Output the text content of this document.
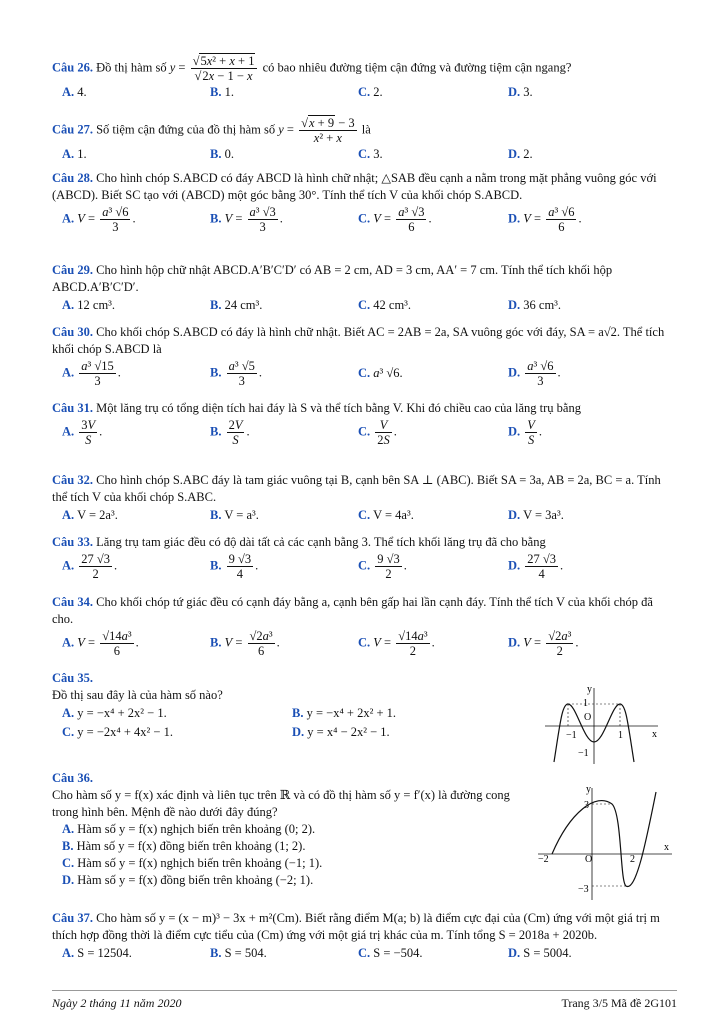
Câu 26. Đồ thị hàm số $y = \frac{\text{√5x² + x + 1}}{√2x - 1 - x}$ có bao nhiêu đường tiệm cận đứng và đường tiệm cận ngang?
A. 4.	B. 1.	C. 2.	D. 3.
Câu 27. Số tiệm cận đứng của đồ thị hàm số $y = \frac{√x + 9 - 3}{\text{x² + x}}$ là
A. 1.	B. 0.	C. 3.	D. 2.
Câu 28. Cho hình chóp S.ABCD có đáy ABCD là hình chữ nhật; △SAB đều cạnh a nằm trong mặt phẳng vuông góc với (ABCD). Biết SC tạo với (ABCD) một góc bằng 30°. Tính thể tích V của khối chóp S.ABCD.
A. $V = \frac{\text{a³ √6}}{3}$ .	B. $V = \frac{\text{a³ √3}}{3}$ .	C. $V = \frac{\text{a³ √3}}{6}$ .	D. $V = \frac{\text{a³ √6}}{6}$ .
Câu 29. Cho hình hộp chữ nhật ABCD.A′B′C′D′ có AB = 2 cm, AD = 3 cm, AA′ = 7 cm. Tính thể tích khối hộp ABCD.A′B′C′D′.
A. 12 cm³.	B. 24 cm³.	C. 42 cm³.	D. 36 cm³.
Câu 30. Cho khối chóp S.ABCD có đáy là hình chữ nhật. Biết AC = 2AB = 2a, SA vuông góc với đáy, SA = a√2. Thể tích khối chóp S.ABCD là
A. $\frac{\text{a³ √15}}{3}$ .	B. $\frac{\text{a³ √5}}{3}$ .	C. a³ √6.	D. $\frac{\text{a³ √6}}{3}$ .
Câu 31. Một lăng trụ có tổng diện tích hai đáy là S và thể tích bằng V. Khi đó chiều cao của lăng trụ bằng
A. $\frac{3V}{S}$ .	B. $\frac{2V}{S}$ .	C. $\frac{V}{2S}$ .	D. $\frac{V}{S}$ .
Câu 32. Cho hình chóp S.ABC đáy là tam giác vuông tại B, cạnh bên SA ⊥ (ABC). Biết SA = 3a, AB = 2a, BC = a. Tính thể tích V của khối chóp S.ABC.
A. V = 2a³.	B. V = a³.	C. V = 4a³.	D. V = 3a³.
Câu 33. Lăng trụ tam giác đều có độ dài tất cả các cạnh bằng 3. Thể tích khối lăng trụ đã cho bằng
A. $\frac{27 √3}{2}$ .	B. $\frac{9 √3}{4}$ .	C. $\frac{9 √3}{2}$ .	D. $\frac{27 √3}{4}$ .
Câu 34. Cho khối chóp tứ giác đều có cạnh đáy bằng a, cạnh bên gấp hai lần cạnh đáy. Tính thể tích V của khối chóp đã cho.
A. $V = \frac{\text{√14a³}}{6}$ .	B. $V = \frac{\text{√2a³}}{6}$ .	C. $V = \frac{\text{√14a³}}{2}$ .	D. $V = \frac{\text{√2a³}}{2}$ .
Câu 35.
Đồ thị sau đây là của hàm số nào?
A. y = −x⁴ + 2x² − 1.	B. y = −x⁴ + 2x² + 1.
C. y = −2x⁴ + 4x² − 1.	D. y = x⁴ − 2x² − 1.	x
y
1
−1	1
−1
O
Câu 36.
Cho hàm số y = f(x) xác định và liên tục trên ℝ và có đồ thị hàm số y = f′(x) là đường cong trong hình bên. Mệnh đề nào dưới đây đúng?
A. Hàm số y = f(x) nghịch biến trên khoảng (0; 2).
B. Hàm số y = f(x) đồng biến trên khoảng (1; 2).
C. Hàm số y = f(x) nghịch biến trên khoảng (−1; 1).
D. Hàm số y = f(x) đồng biến trên khoảng (−2; 1).
x
y
3
−3
−2	2
O
Câu 37. Cho hàm số y = (x − m)³ − 3x + m²(Cm). Biết rằng điểm M(a; b) là điểm cực đại của (Cm) ứng với một giá trị m thích hợp đồng thời là điểm cực tiểu của (Cm) ứng với một giá trị khác của m. Tính tổng S = 2018a + 2020b.
A. S = 12504.	B. S = 504.	C. S = −504.	D. S = 5004.
Ngày 2 tháng 11 năm 2020	Trang 3/5 Mã đề 2G101
